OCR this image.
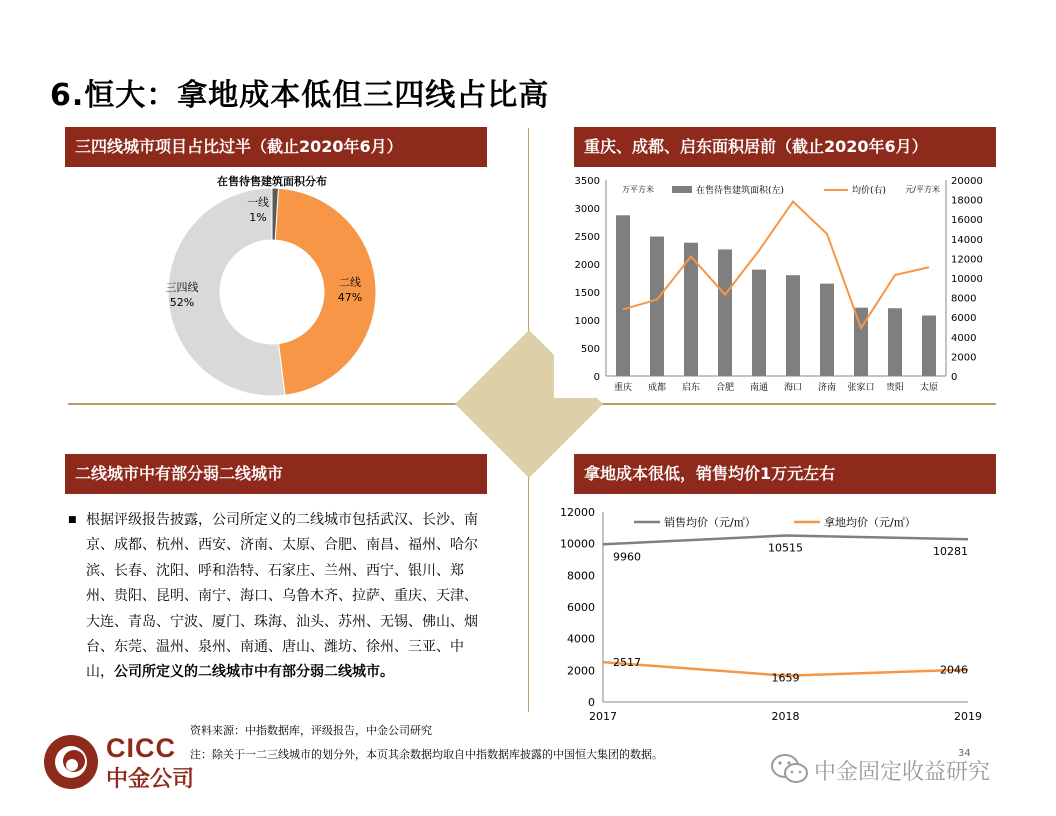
6.恒大：拿地成本低但三四线占比高
三四线城市项目占比过半（截止2020年6月）	重庆、成都、启东面积居前（截止2020年6月）
二线城市中有部分弱二线城市	拿地成本很低，销售均价1万元左右
在售待售建筑面积分布
一线
1%
二线
47%
三四线
52%
0
500
1000
1500
2000
2500
3000
3500
0
2000
4000
6000
8000
10000
12000
14000
16000
18000
20000
万平方米	元/平方米
重庆 成都 启东 合肥 南通 海口 济南 张家口 贵阳 太原
在售待售建筑面积(左)	均价(右)
■ 根据评级报告披露，公司所定义的二线城市包括武汉、长沙、南京、成都、杭州、西安、济南、太原、合肥、南昌、福州、哈尔滨、长春、沈阳、呼和浩特、石家庄、兰州、西宁、银川、郑州、贵阳、昆明、南宁、海口、乌鲁木齐、拉萨、重庆、天津、大连、青岛、宁波、厦门、珠海、汕头、苏州、无锡、佛山、烟台、东莞、温州、泉州、南通、唐山、潍坊、徐州、三亚、中山，公司所定义的二线城市中有部分弱二线城市。
0
2000
4000
6000
8000
10000
12000
2017	2018	2019
9960
10515	10281
2517
1659
2046
销售均价（元/㎡）	拿地均价（元/㎡）
资料来源：中指数据库，评级报告，中金公司研究
注：除关于一二三线城市的划分外，本页其余数据均取自中指数据库披露的中国恒大集团的数据。	34
CICC
中金公司	中金固定收益研究
